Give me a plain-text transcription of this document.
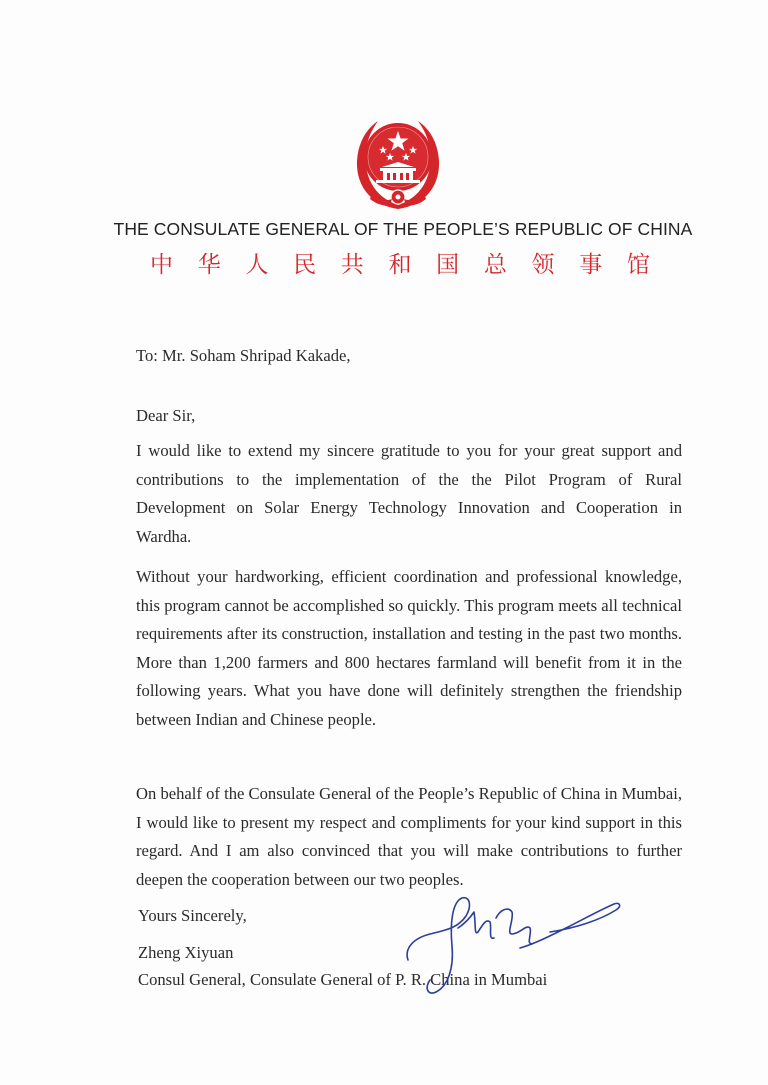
THE CONSULATE GENERAL OF THE PEOPLE’S REPUBLIC OF CHINA
中 华 人 民 共 和 国 总 领 事 馆
To: Mr. Soham Shripad Kakade,
Dear Sir,
I would like to extend my sincere gratitude to you for your great support and contributions to the implementation of the the Pilot Program of Rural Development on Solar Energy Technology Innovation and Cooperation in Wardha.
Without your hardworking, efficient coordination and professional knowledge, this program cannot be accomplished so quickly. This program meets all technical requirements after its construction, installation and testing in the past two months. More than 1,200 farmers and 800 hectares farmland will benefit from it in the following years. What you have done will definitely strengthen the friendship between Indian and Chinese people.
On behalf of the Consulate General of the People’s Republic of China in Mumbai, I would like to present my respect and compliments for your kind support in this regard. And I am also convinced that you will make contributions to further deepen the cooperation between our two peoples.
Yours Sincerely,
Zheng Xiyuan
Consul General, Consulate General of P. R. China in Mumbai
